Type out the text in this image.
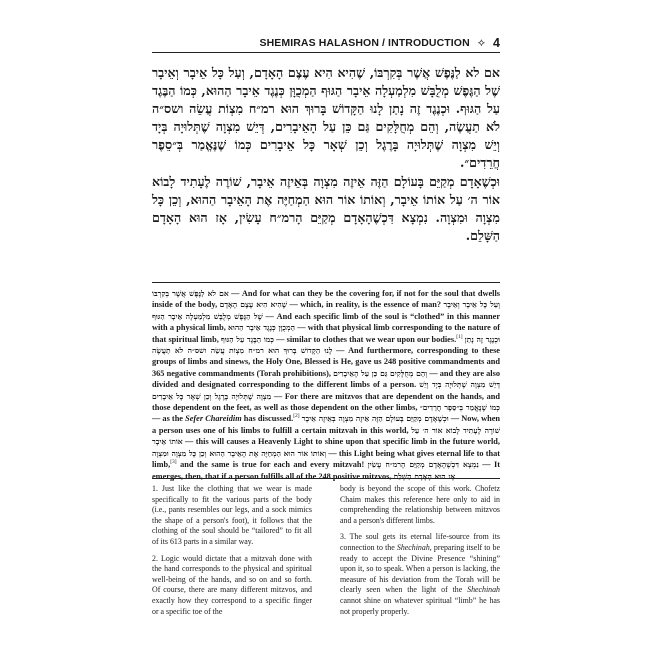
SHEMIRAS HALASHON / INTRODUCTION ⟡ 4

אם לא לַנֶּפֶשׁ אֲשֶׁר בְּקִרְבּוֹ, שֶׁהִיא הִיא עֶצֶם הָאָדָם, וְעַל כָּל אֵיבָר וְאֵיבָר שֶׁל הַגֶּפֶשׁ מְלֻבָּשׁ מִלְמַעְלָה אֵיבָר הַגּוּף הַמְכֻוָּן כְּנֶגֶד אֵיבָר הַהוּא, כְּמוֹ הַבֶּגֶד עַל הַגּוּף. וּכְנֶגֶד זֶה נָתַן לָנוּ הַקָּדוֹשׁ בָּרוּךְ הוּא רמ״ח מִצְוֹת עֲשֵׂה ושס״ה לֹא תַעֲשֶׂה, וְהֵם מְחֻלָּקִים גַּם כֵּן עַל הָאֵיבָרִים, דְּיֵשׁ מִצְוָה שֶׁתְּלוּיָה בְּיָד וְיֵשׁ מִצְוָה שֶׁתְּלוּיָה בָּרֶגֶל וְכֵן שְׁאָר כָּל אֵיבָרִים כְּמוֹ שֶׁנֶּאֱמַר בְּ״סֵפֶר חֲרֵדִים״.

וּכְשֶׁאָדָם מְקַיֵּם בָּעוֹלָם הַזֶּה אֵיזֶה מִצְוָה בְּאֵיזֶה אֵיבָר, שׁוֹרֶה לֶעָתִיד לָבוֹא אוֹר ה׳ עַל אוֹתוֹ אֵיבָר, וְאוֹתוֹ אוֹר הוּא הַמְחַיֶּה אֶת הָאֵיבָר הַהוּא, וְכֵן כָּל מִצְוָה וּמִצְוָה. נִמְצָא דִּכְשֶׁהָאָדָם מְקַיֵּם הָרמ״ח עָשִׂין, אָז הוּא הָאָדָם הַשָּׁלֵם.

אם לא לַנֶּפֶשׁ אֲשֶׁר בְּקִרְבּוֹ — And for what can they be the covering for, if not for the soul that dwells inside of the body, שֶׁהִיא הִיא עֶצֶם הָאָדָם — which, in reality, is the essence of man? וְעַל כָּל אֵיבָר וְאֵיבָר שֶׁל הַגֶּפֶשׁ מְלֻבָּשׁ מִלְמַעְלָה אֵיבָר הַגּוּף — And each specific limb of the soul is “clothed” in this manner with a physical limb, הַמְכֻוָּן כְּנֶגֶד אֵיבָר הַהוּא — with that physical limb corresponding to the nature of that spiritual limb, כְּמוֹ הַבֶּגֶד עַל הַגּוּף — similar to clothes that we wear upon our bodies.[1] וּכְנֶגֶד זֶה נָתַן לָנוּ הַקָּדוֹשׁ בָּרוּךְ הוּא רמ״ח מִצְוֹת עֲשֵׂה ושס״ה לֹא תַעֲשֶׂה — And furthermore, corresponding to these groups of limbs and sinews, the Holy One, Blessed is He, gave us 248 positive commandments and 365 negative commandments (Torah prohibitions), וְהֵם מְחֻלָּקִים גַּם כֵּן עַל הָאֵיבָרִים — and they are also divided and designated corresponding to the different limbs of a person. דְּיֵשׁ מִצְוָה שֶׁתְּלוּיָה בְּיָד וְיֵשׁ מִצְוָה שֶׁתְּלוּיָה בָּרֶגֶל וְכֵן שְׁאָר כָּל אֵיבָרִים — For there are mitzvos that are dependent on the hands, and those dependent on the feet, as well as those dependent on the other limbs, כְּמוֹ שֶׁנֶּאֱמַר בְּ״סֵפֶר חֲרֵדִים״ — as the Sefer Chareidim has discussed.[2] וּכְשֶׁאָדָם מְקַיֵּם בָּעוֹלָם הַזֶּה אֵיזֶה מִצְוָה בְּאֵיזֶה אֵיבָר — Now, when a person uses one of his limbs to fulfill a certain mitzvah in this world, שׁוֹרֶה לֶעָתִיד לָבוֹא אוֹר ה׳ עַל אוֹתוֹ אֵיבָר — this will causes a Heavenly Light to shine upon that specific limb in the future world, וְאוֹתוֹ אוֹר הוּא הַמְחַיֶּה אֶת הָאֵיבָר הַהוּא וְכֵן כָּל מִצְוָה וּמִצְוָה — this Light being what gives eternal life to that limb,[3] and the same is true for each and every mitzvah! נִמְצָא דִּכְשֶׁהָאָדָם מְקַיֵּם הָרמ״ח עָשִׂין — It emerges, then, that if a person fulfills all of the 248 positive mitzvos, אָז הוּא הָאָדָם הַשָּׁלֵם

1. Just like the clothing that we wear is made specifically to fit the various parts of the body (i.e., pants resembles our legs, and a sock mimics the shape of a person's foot), it follows that the clothing of the soul should be “tailored” to fit all of its 613 parts in a similar way.

2. Logic would dictate that a mitzvah done with the hand corresponds to the physical and spiritual well-being of the hands, and so on and so forth. Of course, there are many different mitzvos, and exactly how they correspond to a specific finger or a specific toe of the

body is beyond the scope of this work. Chofetz Chaim makes this reference here only to aid in comprehending the relationship between mitzvos and a person's different limbs.

3. The soul gets its eternal life-source from its connection to the Shechinah, preparing itself to be ready to accept the Divine Presence “shining” upon it, so to speak. When a person is lacking, the measure of his deviation from the Torah will be clearly seen when the light of the Shechinah cannot shine on whatever spiritual “limb” he has not properly properly.
